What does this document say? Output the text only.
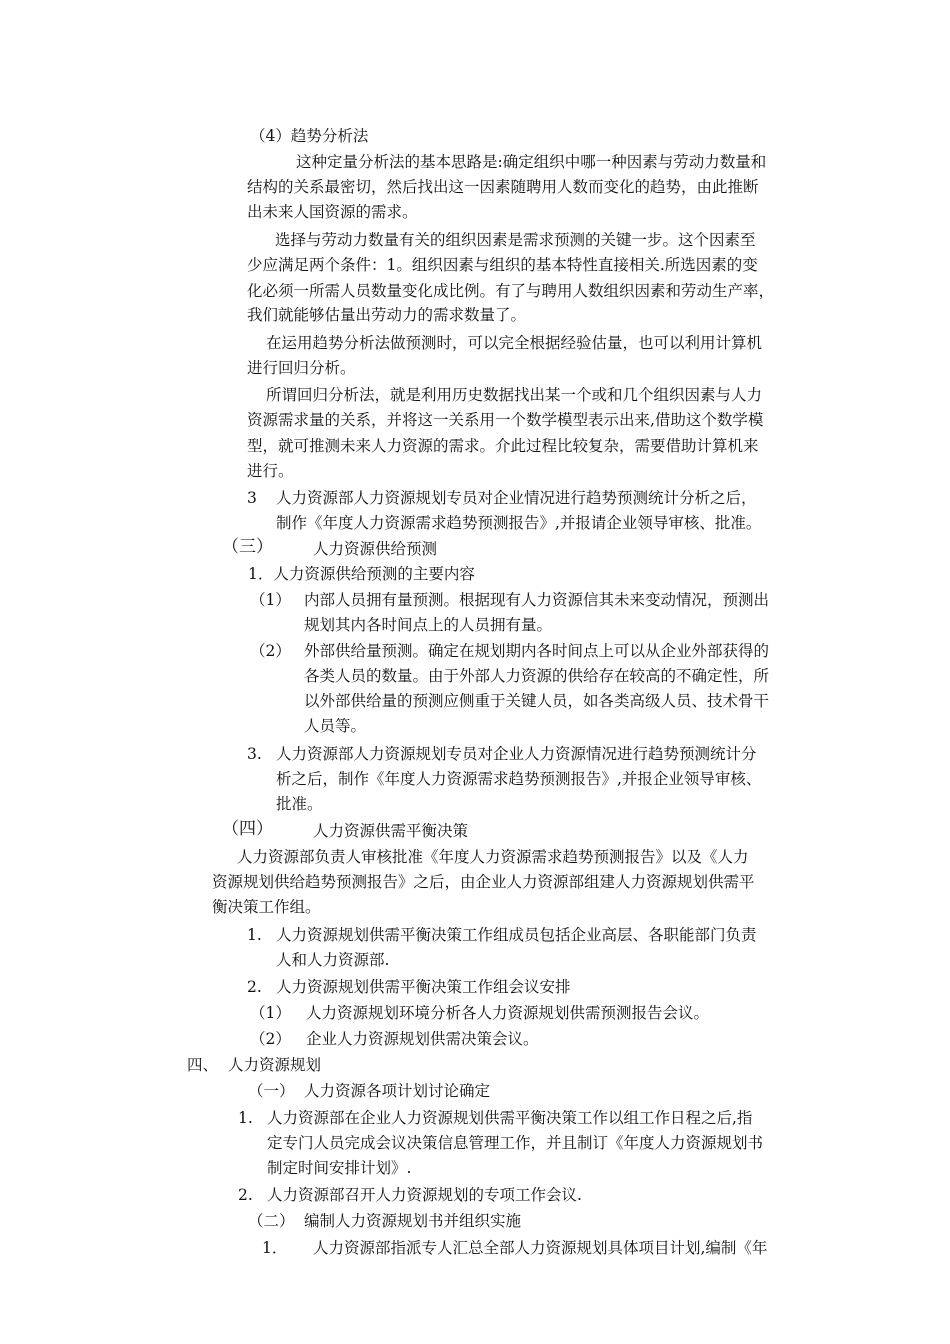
（4）趋势分析法
这种定量分析法的基本思路是:确定组织中哪一种因素与劳动力数量和
结构的关系最密切，然后找出这一因素随聘用人数而变化的趋势，由此推断
出未来人国资源的需求。
选择与劳动力数量有关的组织因素是需求预测的关键一步。这个因素至
少应满足两个条件：1。组织因素与组织的基本特性直接相关.所选因素的变
化必须一所需人员数量变化成比例。有了与聘用人数组织因素和劳动生产率，
我们就能够估量出劳动力的需求数量了。
在运用趋势分析法做预测时，可以完全根据经验估量，也可以利用计算机
进行回归分析。
所谓回归分析法，就是利用历史数据找出某一个或和几个组织因素与人力
资源需求量的关系，并将这一关系用一个数学模型表示出来,借助这个数学模
型，就可推测未来人力资源的需求。介此过程比较复杂，需要借助计算机来
进行。
3 人力资源部人力资源规划专员对企业情况进行趋势预测统计分析之后，
制作《年度人力资源需求趋势预测报告》,并报请企业领导审核、批准。
（三）	人力资源供给预测
1．人力资源供给预测的主要内容
（1） 内部人员拥有量预测。根据现有人力资源信其未来变动情况，预测出
规划其内各时间点上的人员拥有量。
（2） 外部供给量预测。确定在规划期内各时间点上可以从企业外部获得的
各类人员的数量。由于外部人力资源的供给存在较高的不确定性，所
以外部供给量的预测应侧重于关键人员，如各类高级人员、技术骨干
人员等。
3. 人力资源部人力资源规划专员对企业人力资源情况进行趋势预测统计分
析之后，制作《年度人力资源需求趋势预测报告》,并报企业领导审核、
批准。
（四）	人力资源供需平衡决策
人力资源部负责人审核批准《年度人力资源需求趋势预测报告》以及《人力
资源规划供给趋势预测报告》之后，由企业人力资源部组建人力资源规划供需平
衡决策工作组。
1. 人力资源规划供需平衡决策工作组成员包括企业高层、各职能部门负责
人和人力资源部.
2. 人力资源规划供需平衡决策工作组会议安排
（1） 人力资源规划环境分析各人力资源规划供需预测报告会议。
（2） 企业人力资源规划供需决策会议。
四、 人力资源规划
（一） 人力资源各项计划讨论确定
1. 人力资源部在企业人力资源规划供需平衡决策工作以组工作日程之后,指
定专门人员完成会议决策信息管理工作，并且制订《年度人力资源规划书
制定时间安排计划》.
2. 人力资源部召开人力资源规划的专项工作会议.
（二） 编制人力资源规划书并组织实施
1． 人力资源部指派专人汇总全部人力资源规划具体项目计划,编制《年
